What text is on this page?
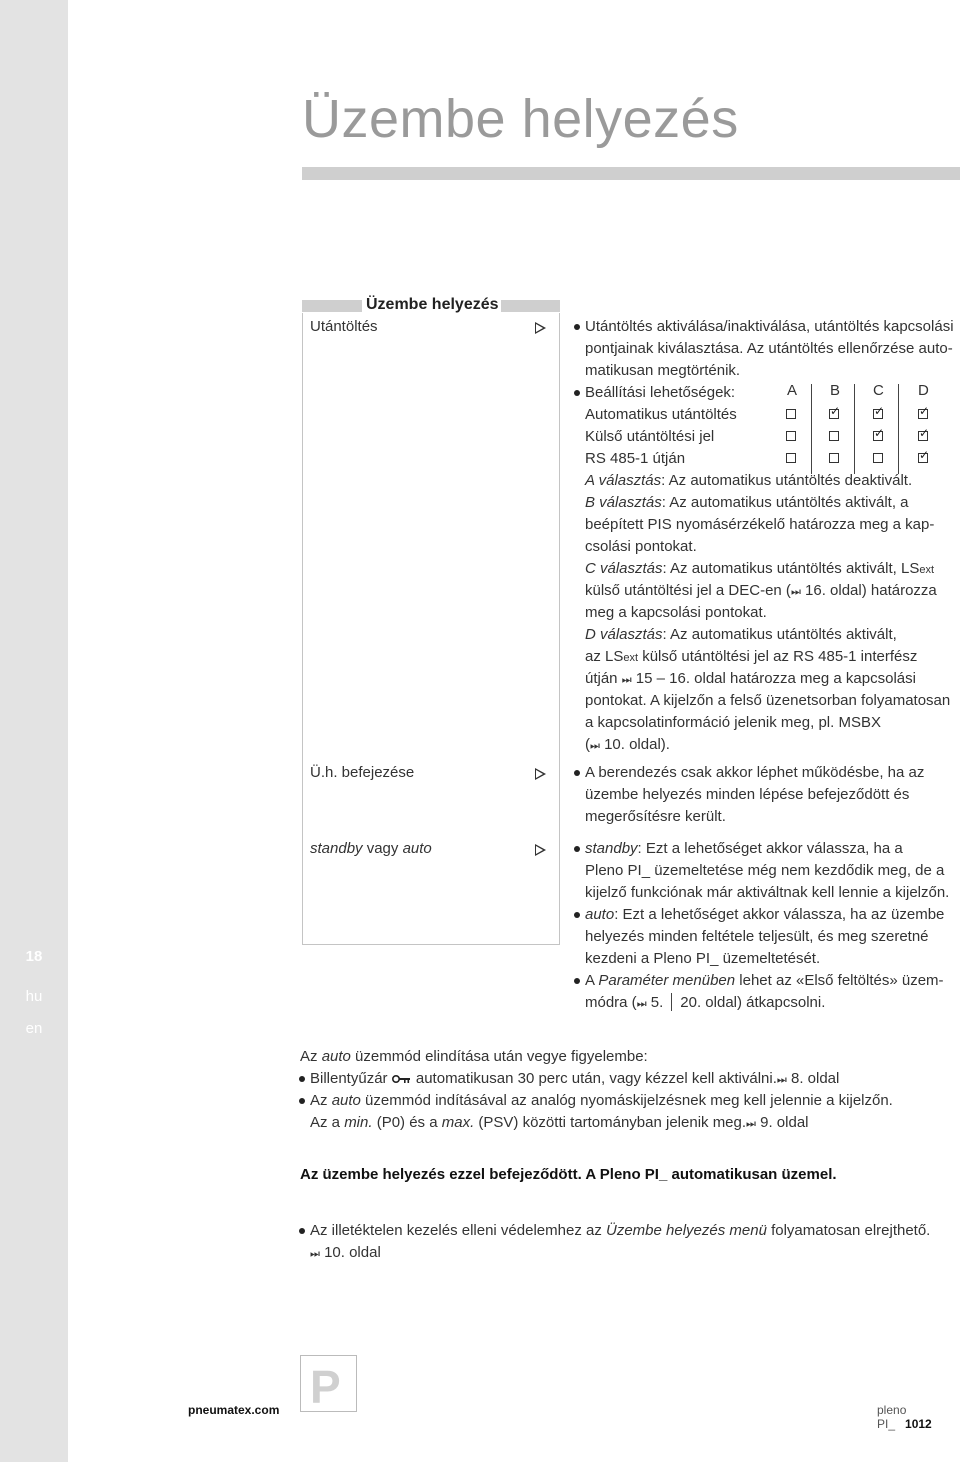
18
hu
en
Üzembe helyezés
Üzembe helyezés
Utántöltés
Ü.h. befejezése
standby vagy auto
Utántöltés aktiválása/inaktiválása, utántöltés kapcsolási
pontjainak kiválasztása. Az utántöltés ellenőrzése auto-
matikusan megtörténik.
Beállítási lehetőségek:	A B C D
Automatikus utántöltés
Külső utántöltési jel
RS 485-1 útján
✓
✓
✓
✓
✓
✓
A választás: Az automatikus utántöltés deaktivált.
B választás: Az automatikus utántöltés aktivált, a
beépített PIS nyomásérzékelő határozza meg a kap-
csolási pontokat.
C választás: Az automatikus utántöltés aktivált, LSext
külső utántöltési jel a DEC-en (⏭ 16. oldal) határozza
meg a kapcsolási pontokat.
D választás: Az automatikus utántöltés aktivált,
az LSext külső utántöltési jel az RS 485-1 interfész
útján ⏭ 15 – 16. oldal határozza meg a kapcsolási
pontokat. A kijelzőn a felső üzenetsorban folyamatosan
a kapcsolatinformáció jelenik meg, pl. MSBX
(⏭ 10. oldal).
A berendezés csak akkor léphet működésbe, ha az
üzembe helyezés minden lépése befejeződött és
megerősítésre került.
standby: Ezt a lehetőséget akkor válassza, ha a
Pleno PI_ üzemeltetése még nem kezdődik meg, de a
kijelző funkciónak már aktiváltnak kell lennie a kijelzőn.
auto: Ezt a lehetőséget akkor válassza, ha az üzembe
helyezés minden feltétele teljesült, és meg szeretné
kezdeni a Pleno PI_ üzemeltetését.
A Paraméter menüben lehet az «Első feltöltés» üzem-
módra (⏭ 5. 20. oldal) átkapcsolni.
Az auto üzemmód elindítása után vegye figyelembe:
Billentyűzár  automatikusan 30 perc után, vagy kézzel kell aktiválni.⏭ 8. oldal
Az auto üzemmód indításával az analóg nyomáskijelzésnek meg kell jelennie a kijelzőn.
Az a min. (P0) és a max. (PSV) közötti tartományban jelenik meg.⏭ 9. oldal
Az üzembe helyezés ezzel befejeződött. A Pleno PI_ automatikusan üzemel.
Az illetéktelen kezelés elleni védelemhez az Üzembe helyezés menü folyamatosan elrejthető.
⏭ 10. oldal
P
pneumatex.com	pleno PI_ 1012
